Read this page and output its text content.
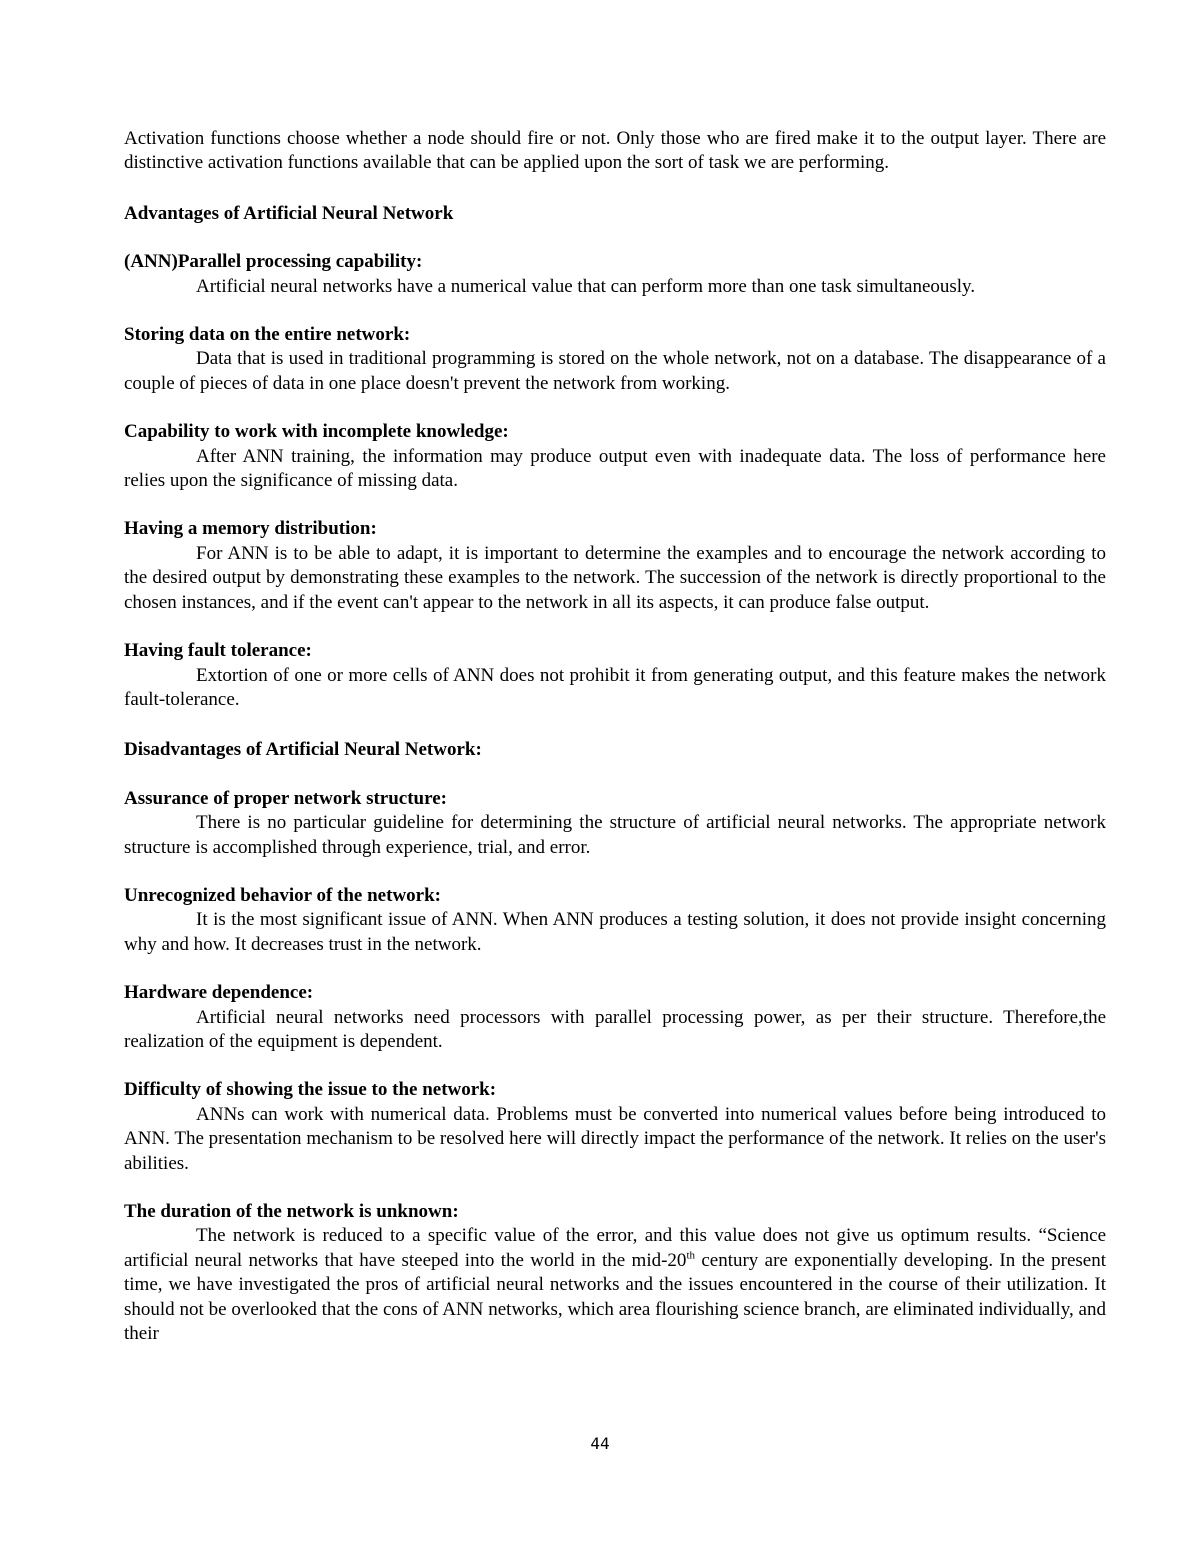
Activation functions choose whether a node should fire or not. Only those who are fired make it to the output layer. There are distinctive activation functions available that can be applied upon the sort of task we are performing.

Advantages of Artificial Neural Network

(ANN)Parallel processing capability:

Artificial neural networks have a numerical value that can perform more than one task simultaneously.

Storing data on the entire network:

Data that is used in traditional programming is stored on the whole network, not on a database. The disappearance of a couple of pieces of data in one place doesn't prevent the network from working.

Capability to work with incomplete knowledge:

After ANN training, the information may produce output even with inadequate data. The loss of performance here relies upon the significance of missing data.

Having a memory distribution:

For ANN is to be able to adapt, it is important to determine the examples and to encourage the network according to the desired output by demonstrating these examples to the network. The succession of the network is directly proportional to the chosen instances, and if the event can't appear to the network in all its aspects, it can produce false output.

Having fault tolerance:

Extortion of one or more cells of ANN does not prohibit it from generating output, and this feature makes the network fault-tolerance.

Disadvantages of Artificial Neural Network:

Assurance of proper network structure:

There is no particular guideline for determining the structure of artificial neural networks. The appropriate network structure is accomplished through experience, trial, and error.

Unrecognized behavior of the network:

It is the most significant issue of ANN. When ANN produces a testing solution, it does not provide insight concerning why and how. It decreases trust in the network.

Hardware dependence:

Artificial neural networks need processors with parallel processing power, as per their structure. Therefore,the realization of the equipment is dependent.

Difficulty of showing the issue to the network:

ANNs can work with numerical data. Problems must be converted into numerical values before being introduced to ANN. The presentation mechanism to be resolved here will directly impact the performance of the network. It relies on the user's abilities.

The duration of the network is unknown:

The network is reduced to a specific value of the error, and this value does not give us optimum results. “Science artificial neural networks that have steeped into the world in the mid-20th century are exponentially developing. In the present time, we have investigated the pros of artificial neural networks and the issues encountered in the course of their utilization. It should not be overlooked that the cons of ANN networks, which area flourishing science branch, are eliminated individually, and their

44
